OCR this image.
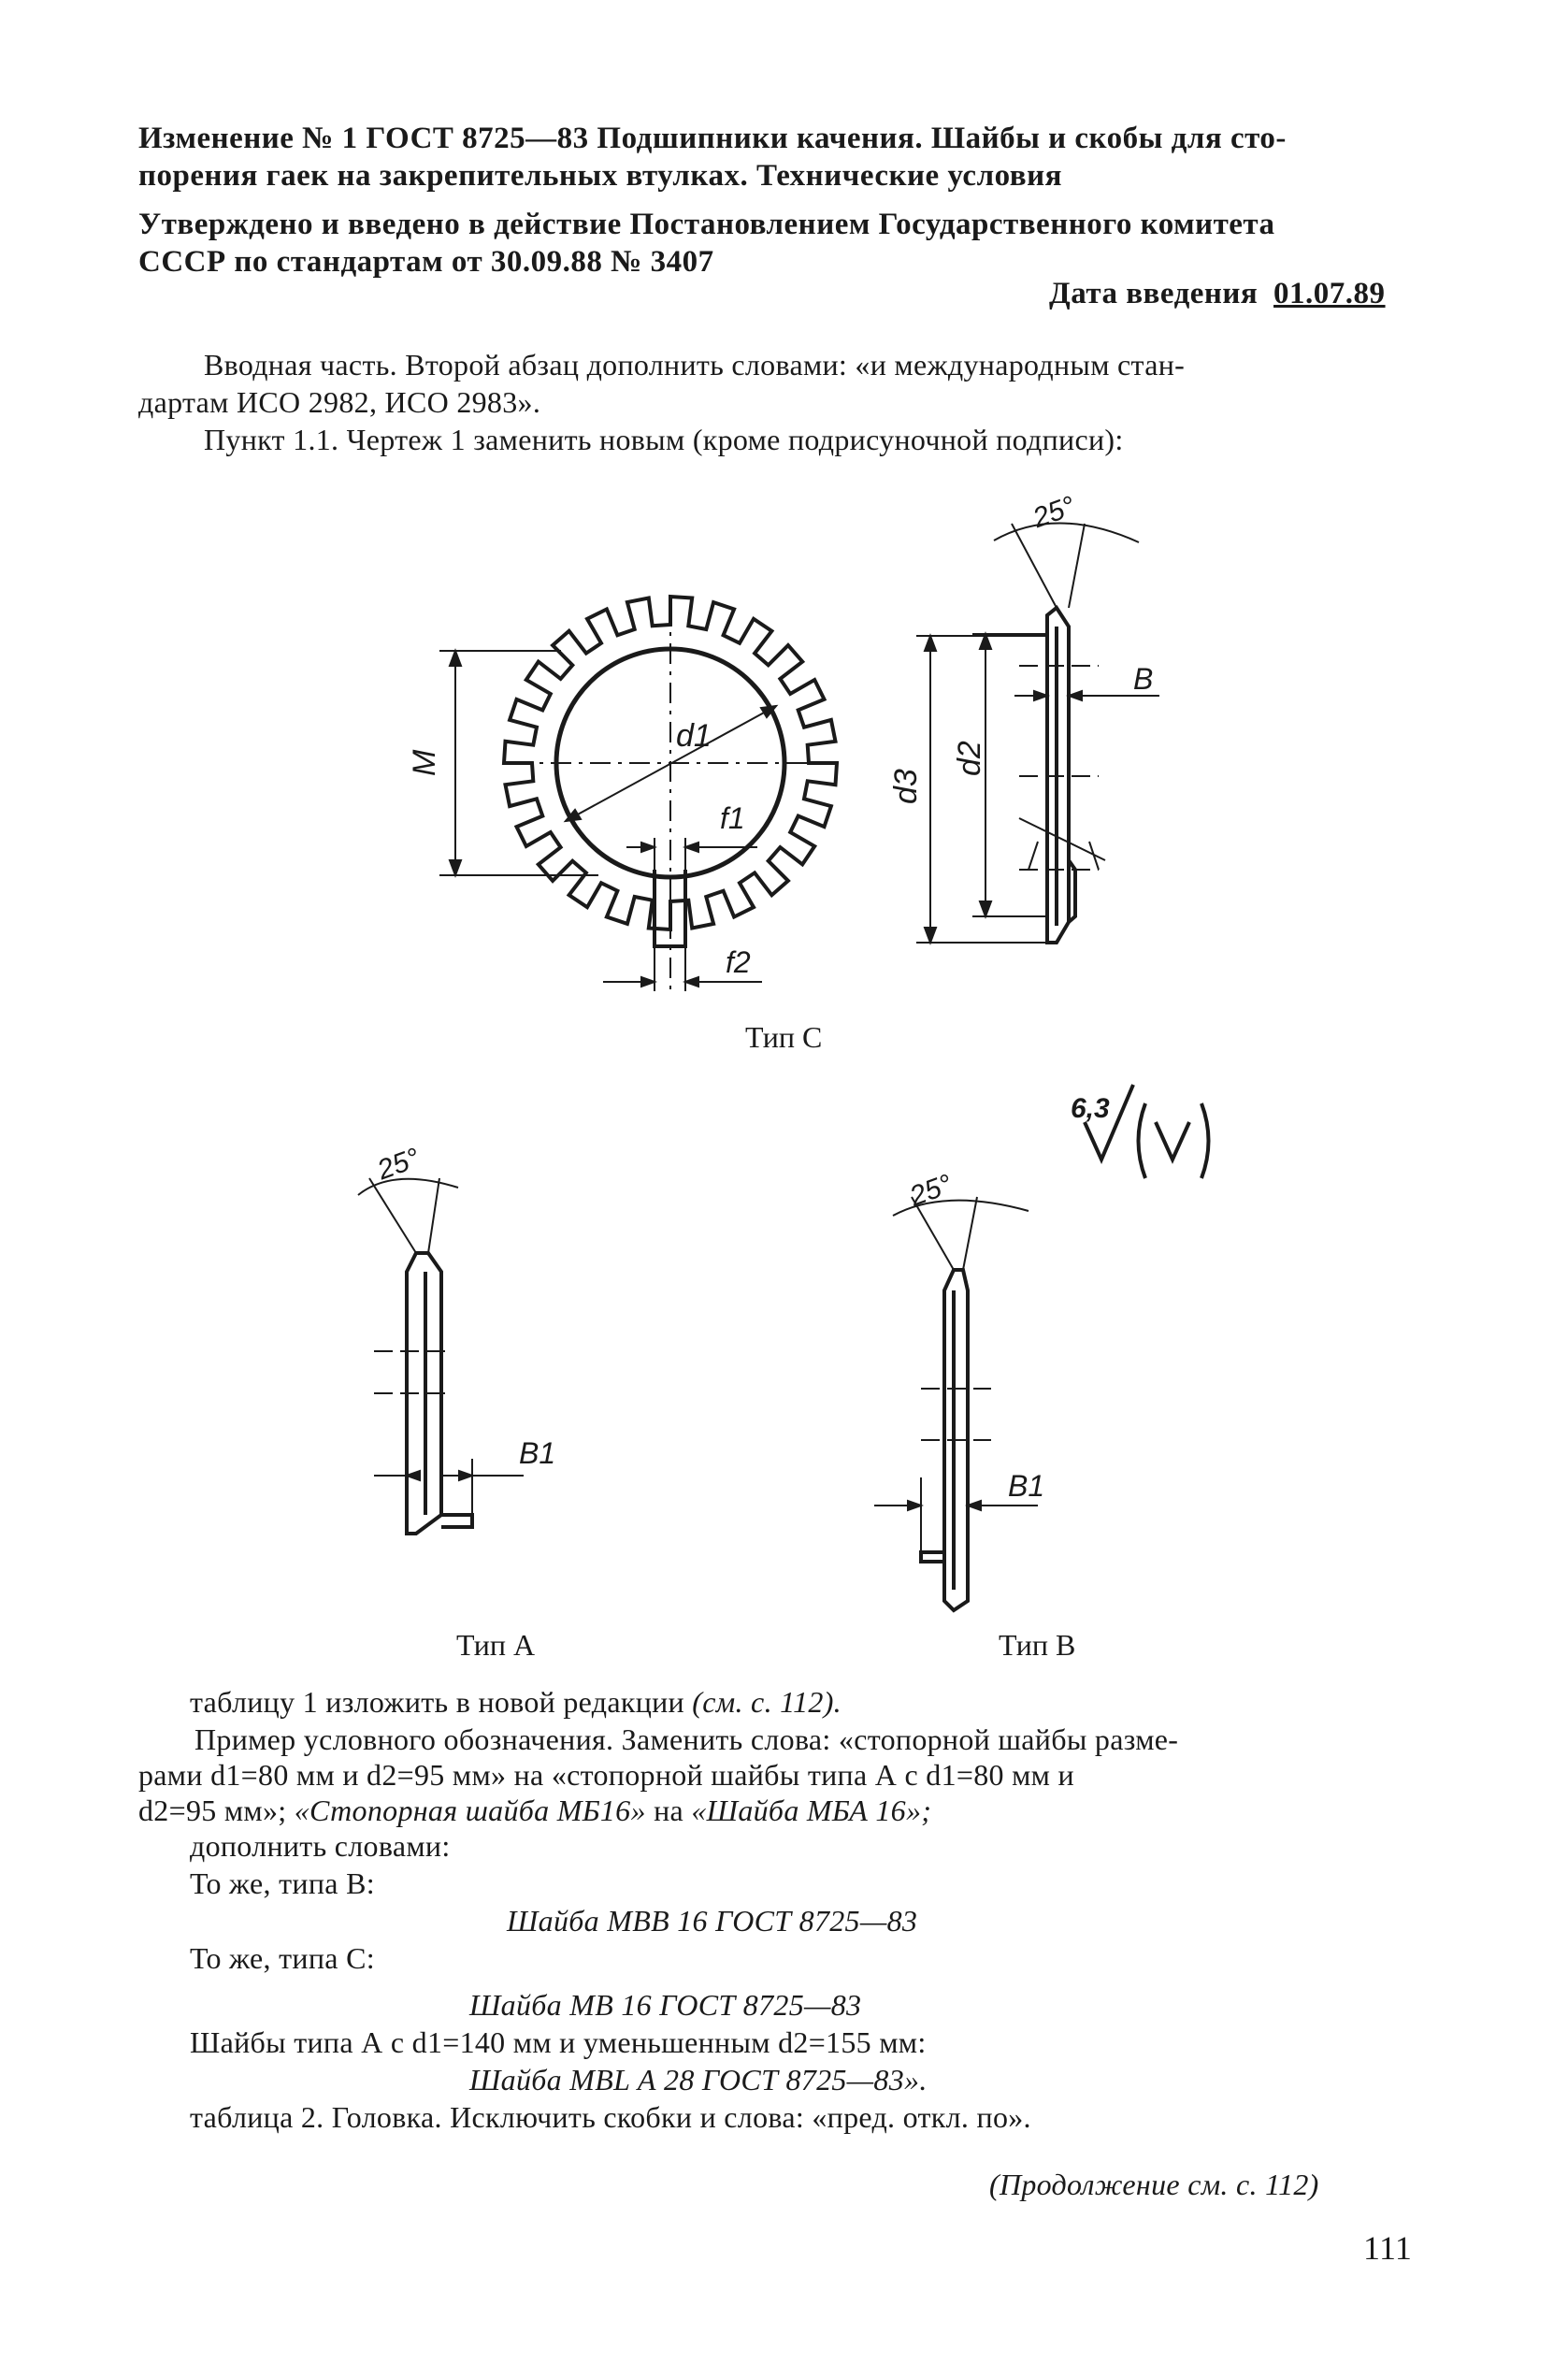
Изменение № 1 ГОСТ 8725—83 Подшипники качения. Шайбы и скобы для сто-
порения гаек на закрепительных втулках. Технические условия
Утверждено и введено в действие Постановлением Государственного комитета
СССР по стандартам от 30.09.88 № 3407
Дата введения 01.07.89
Вводная часть. Второй абзац дополнить словами: «и международным стан-
дартам ИСО 2982, ИСО 2983».
Пункт 1.1. Чертеж 1 заменить новым (кроме подрисуночной подписи):
d1
M
f1
f2
Тип С
d3
d2
B
25°
6,3
25°
B1
Тип А
25°
B1
Тип В
таблицу 1 изложить в новой редакции (см. с. 112).
Пример условного обозначения. Заменить слова: «стопорной шайбы разме-
рами d1=80 мм и d2=95 мм» на «стопорной шайбы типа А с d1=80 мм и
d2=95 мм»; «Стопорная шайба МБ16» на «Шайба МБА 16»;
дополнить словами:
То же, типа В:
Шайба МВВ 16 ГОСТ 8725—83
То же, типа С:
Шайба МВ 16 ГОСТ 8725—83
Шайбы типа А с d1=140 мм и уменьшенным d2=155 мм:
Шайба MBL А 28 ГОСТ 8725—83».
таблица 2. Головка. Исключить скобки и слова: «пред. откл. по».
(Продолжение см. с. 112)
111
